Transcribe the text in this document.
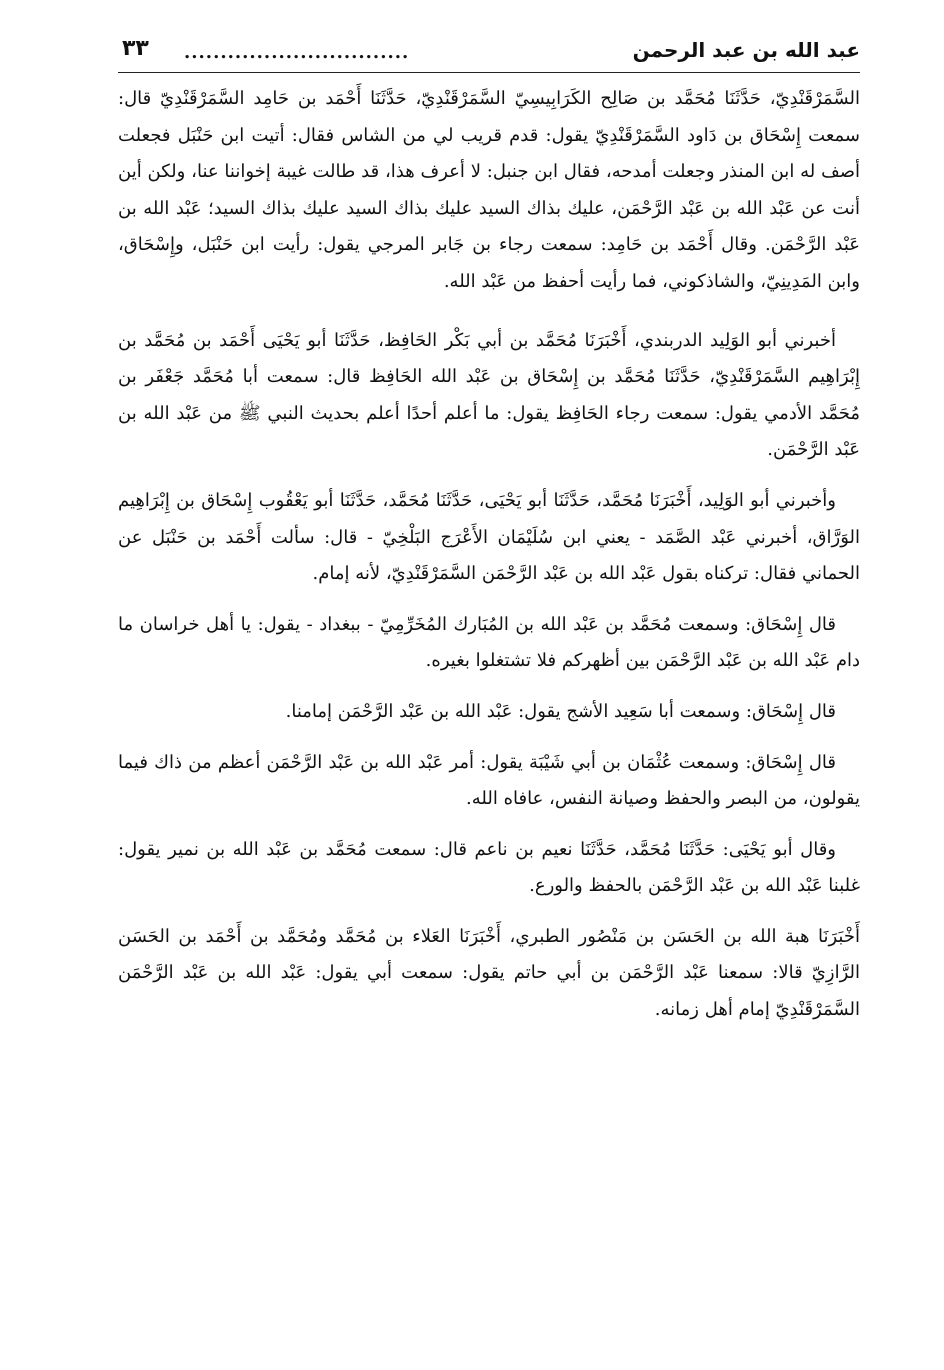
عبد الله بن عبد الرحمن
...............................
٣٣

السَّمَرْقَنْدِيّ، حَدَّثَنَا مُحَمَّد بن صَالِح الكَرَابِيسِيّ السَّمَرْقَنْدِيّ، حَدَّثَنَا أَحْمَد بن حَامِد السَّمَرْقَنْدِيّ قال: سمعت إِسْحَاق بن دَاود السَّمَرْقَنْدِيّ يقول: قدم قريب لي من الشاس فقال: أتيت ابن حَنْبَل فجعلت أصف له ابن المنذر وجعلت أمدحه، فقال ابن جنبل: لا أعرف هذا، قد طالت غيبة إخواننا عنا، ولكن أين أنت عن عَبْد الله بن عَبْد الرَّحْمَن، عليك بذاك السيد عليك بذاك السيد عليك بذاك السيد؛ عَبْد الله بن عَبْد الرَّحْمَن. وقال أَحْمَد بن حَامِد: سمعت رجاء بن جَابر المرجي يقول: رأيت ابن حَنْبَل، وإِسْحَاق، وابن المَدِينِيّ، والشاذكوني، فما رأيت أحفظ من عَبْد الله.

أخبرني أبو الوَلِيد الدربندي، أَخْبَرَنَا مُحَمَّد بن أبي بَكْر الحَافِظ، حَدَّثَنَا أبو يَحْيَى أَحْمَد بن مُحَمَّد بن إِبْرَاهِيم السَّمَرْقَنْدِيّ، حَدَّثَنَا مُحَمَّد بن إِسْحَاق بن عَبْد الله الحَافِظ قال: سمعت أبا مُحَمَّد جَعْفَر بن مُحَمَّد الأدمي يقول: سمعت رجاء الحَافِظ يقول: ما أعلم أحدًا أعلم بحديث النبي ﷺ من عَبْد الله بن عَبْد الرَّحْمَن.

وأخبرني أبو الوَلِيد، أَخْبَرَنَا مُحَمَّد، حَدَّثَنَا أبو يَحْيَى، حَدَّثَنَا مُحَمَّد، حَدَّثَنَا أبو يَعْقُوب إِسْحَاق بن إِبْرَاهِيم الوَرَّاق، أخبرني عَبْد الصَّمَد - يعني ابن سُلَيْمَان الأَعْرَج البَلْخِيّ - قال: سألت أَحْمَد بن حَنْبَل عن الحماني فقال: تركناه بقول عَبْد الله بن عَبْد الرَّحْمَن السَّمَرْقَنْدِيّ، لأنه إمام.

قال إِسْحَاق: وسمعت مُحَمَّد بن عَبْد الله بن المُبَارك المُخَرِّمِيّ - ببغداد - يقول: يا أهل خراسان ما دام عَبْد الله بن عَبْد الرَّحْمَن بين أظهركم فلا تشتغلوا بغيره.

قال إِسْحَاق: وسمعت أبا سَعِيد الأشج يقول: عَبْد الله بن عَبْد الرَّحْمَن إمامنا.

قال إِسْحَاق: وسمعت عُثْمَان بن أبي شَيْبَة يقول: أمر عَبْد الله بن عَبْد الرَّحْمَن أعظم من ذاك فيما يقولون، من البصر والحفظ وصيانة النفس، عافاه الله.

وقال أبو يَحْيَى: حَدَّثَنَا مُحَمَّد، حَدَّثَنَا نعيم بن ناعم قال: سمعت مُحَمَّد بن عَبْد الله بن نمير يقول: غلبنا عَبْد الله بن عَبْد الرَّحْمَن بالحفظ والورع.

أَخْبَرَنَا هبة الله بن الحَسَن بن مَنْصُور الطبري، أَخْبَرَنَا العَلاء بن مُحَمَّد ومُحَمَّد بن أَحْمَد بن الحَسَن الرَّازِيّ قالا: سمعنا عَبْد الرَّحْمَن بن أبي حاتم يقول: سمعت أبي يقول: عَبْد الله بن عَبْد الرَّحْمَن السَّمَرْقَنْدِيّ إمام أهل زمانه.
